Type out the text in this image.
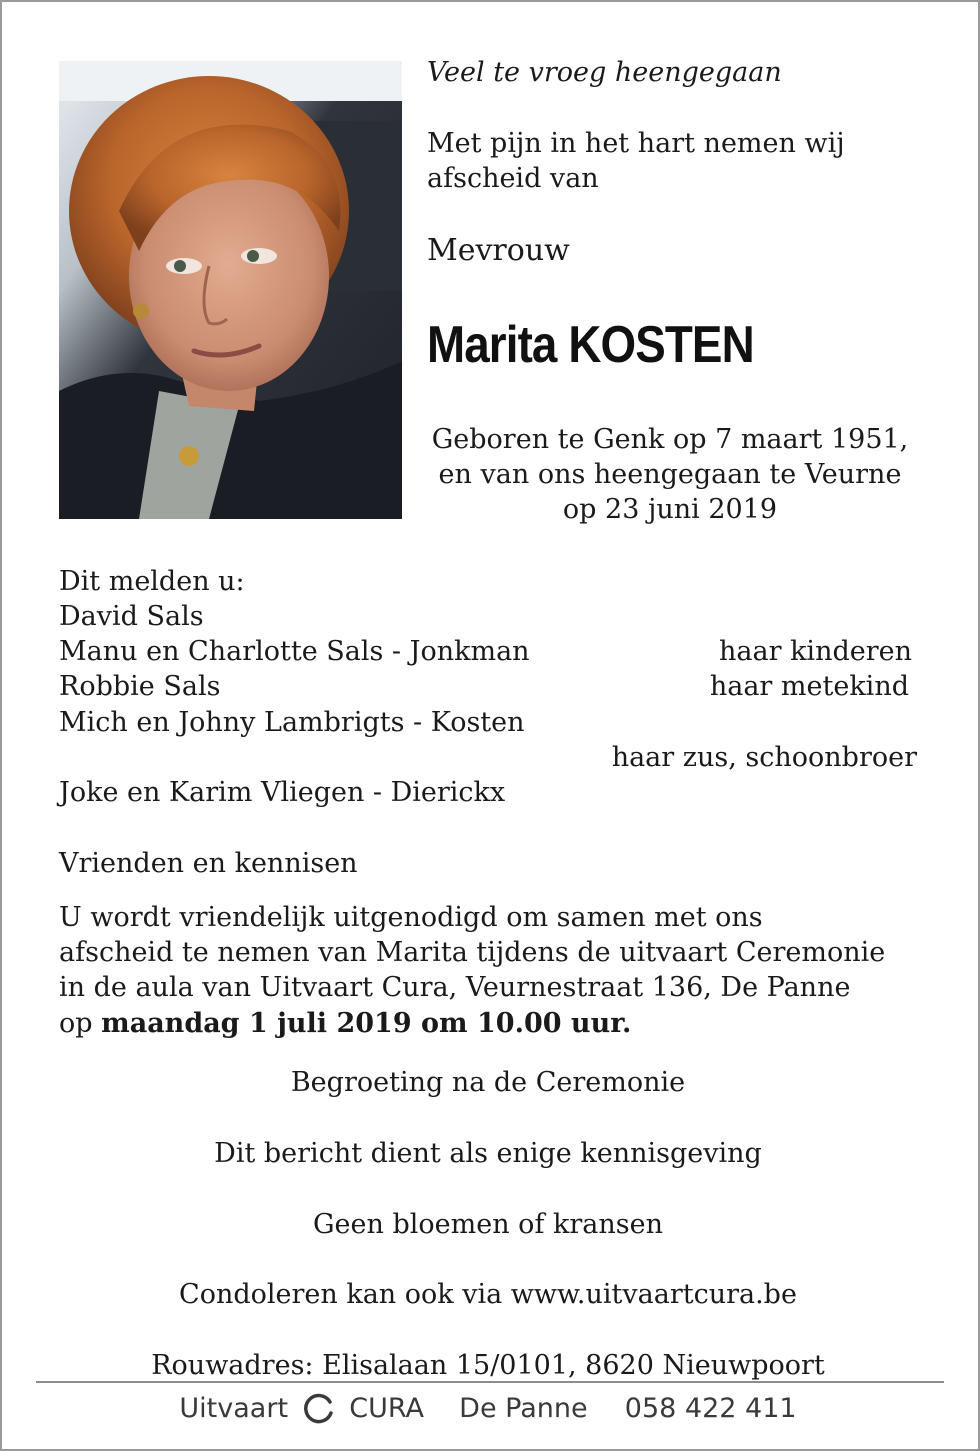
Veel te vroeg heengegaan
Met pijn in het hart nemen wij
afscheid van
Mevrouw
Marita KOSTEN
Geboren te Genk op 7 maart 1951,
en van ons heengegaan te Veurne
op 23 juni 2019
Dit melden u:
David Sals
Manu en Charlotte Sals - Jonkman
Robbie Sals
Mich en Johny Lambrigts - Kosten
Joke en Karim Vliegen - Dierickx
haar kinderen
haar metekind
haar zus, schoonbroer
Vrienden en kennisen
U wordt vriendelijk uitgenodigd om samen met ons
afscheid te nemen van Marita tijdens de uitvaart Ceremonie
in de aula van Uitvaart Cura, Veurnestraat 136, De Panne
op maandag 1 juli 2019 om 10.00 uur.
Begroeting na de Ceremonie
Dit bericht dient als enige kennisgeving
Geen bloemen of kransen
Condoleren kan ook via www.uitvaartcura.be
Rouwadres: Elisalaan 15/0101, 8620 Nieuwpoort
Uitvaart CURA De Panne 058 422 411
